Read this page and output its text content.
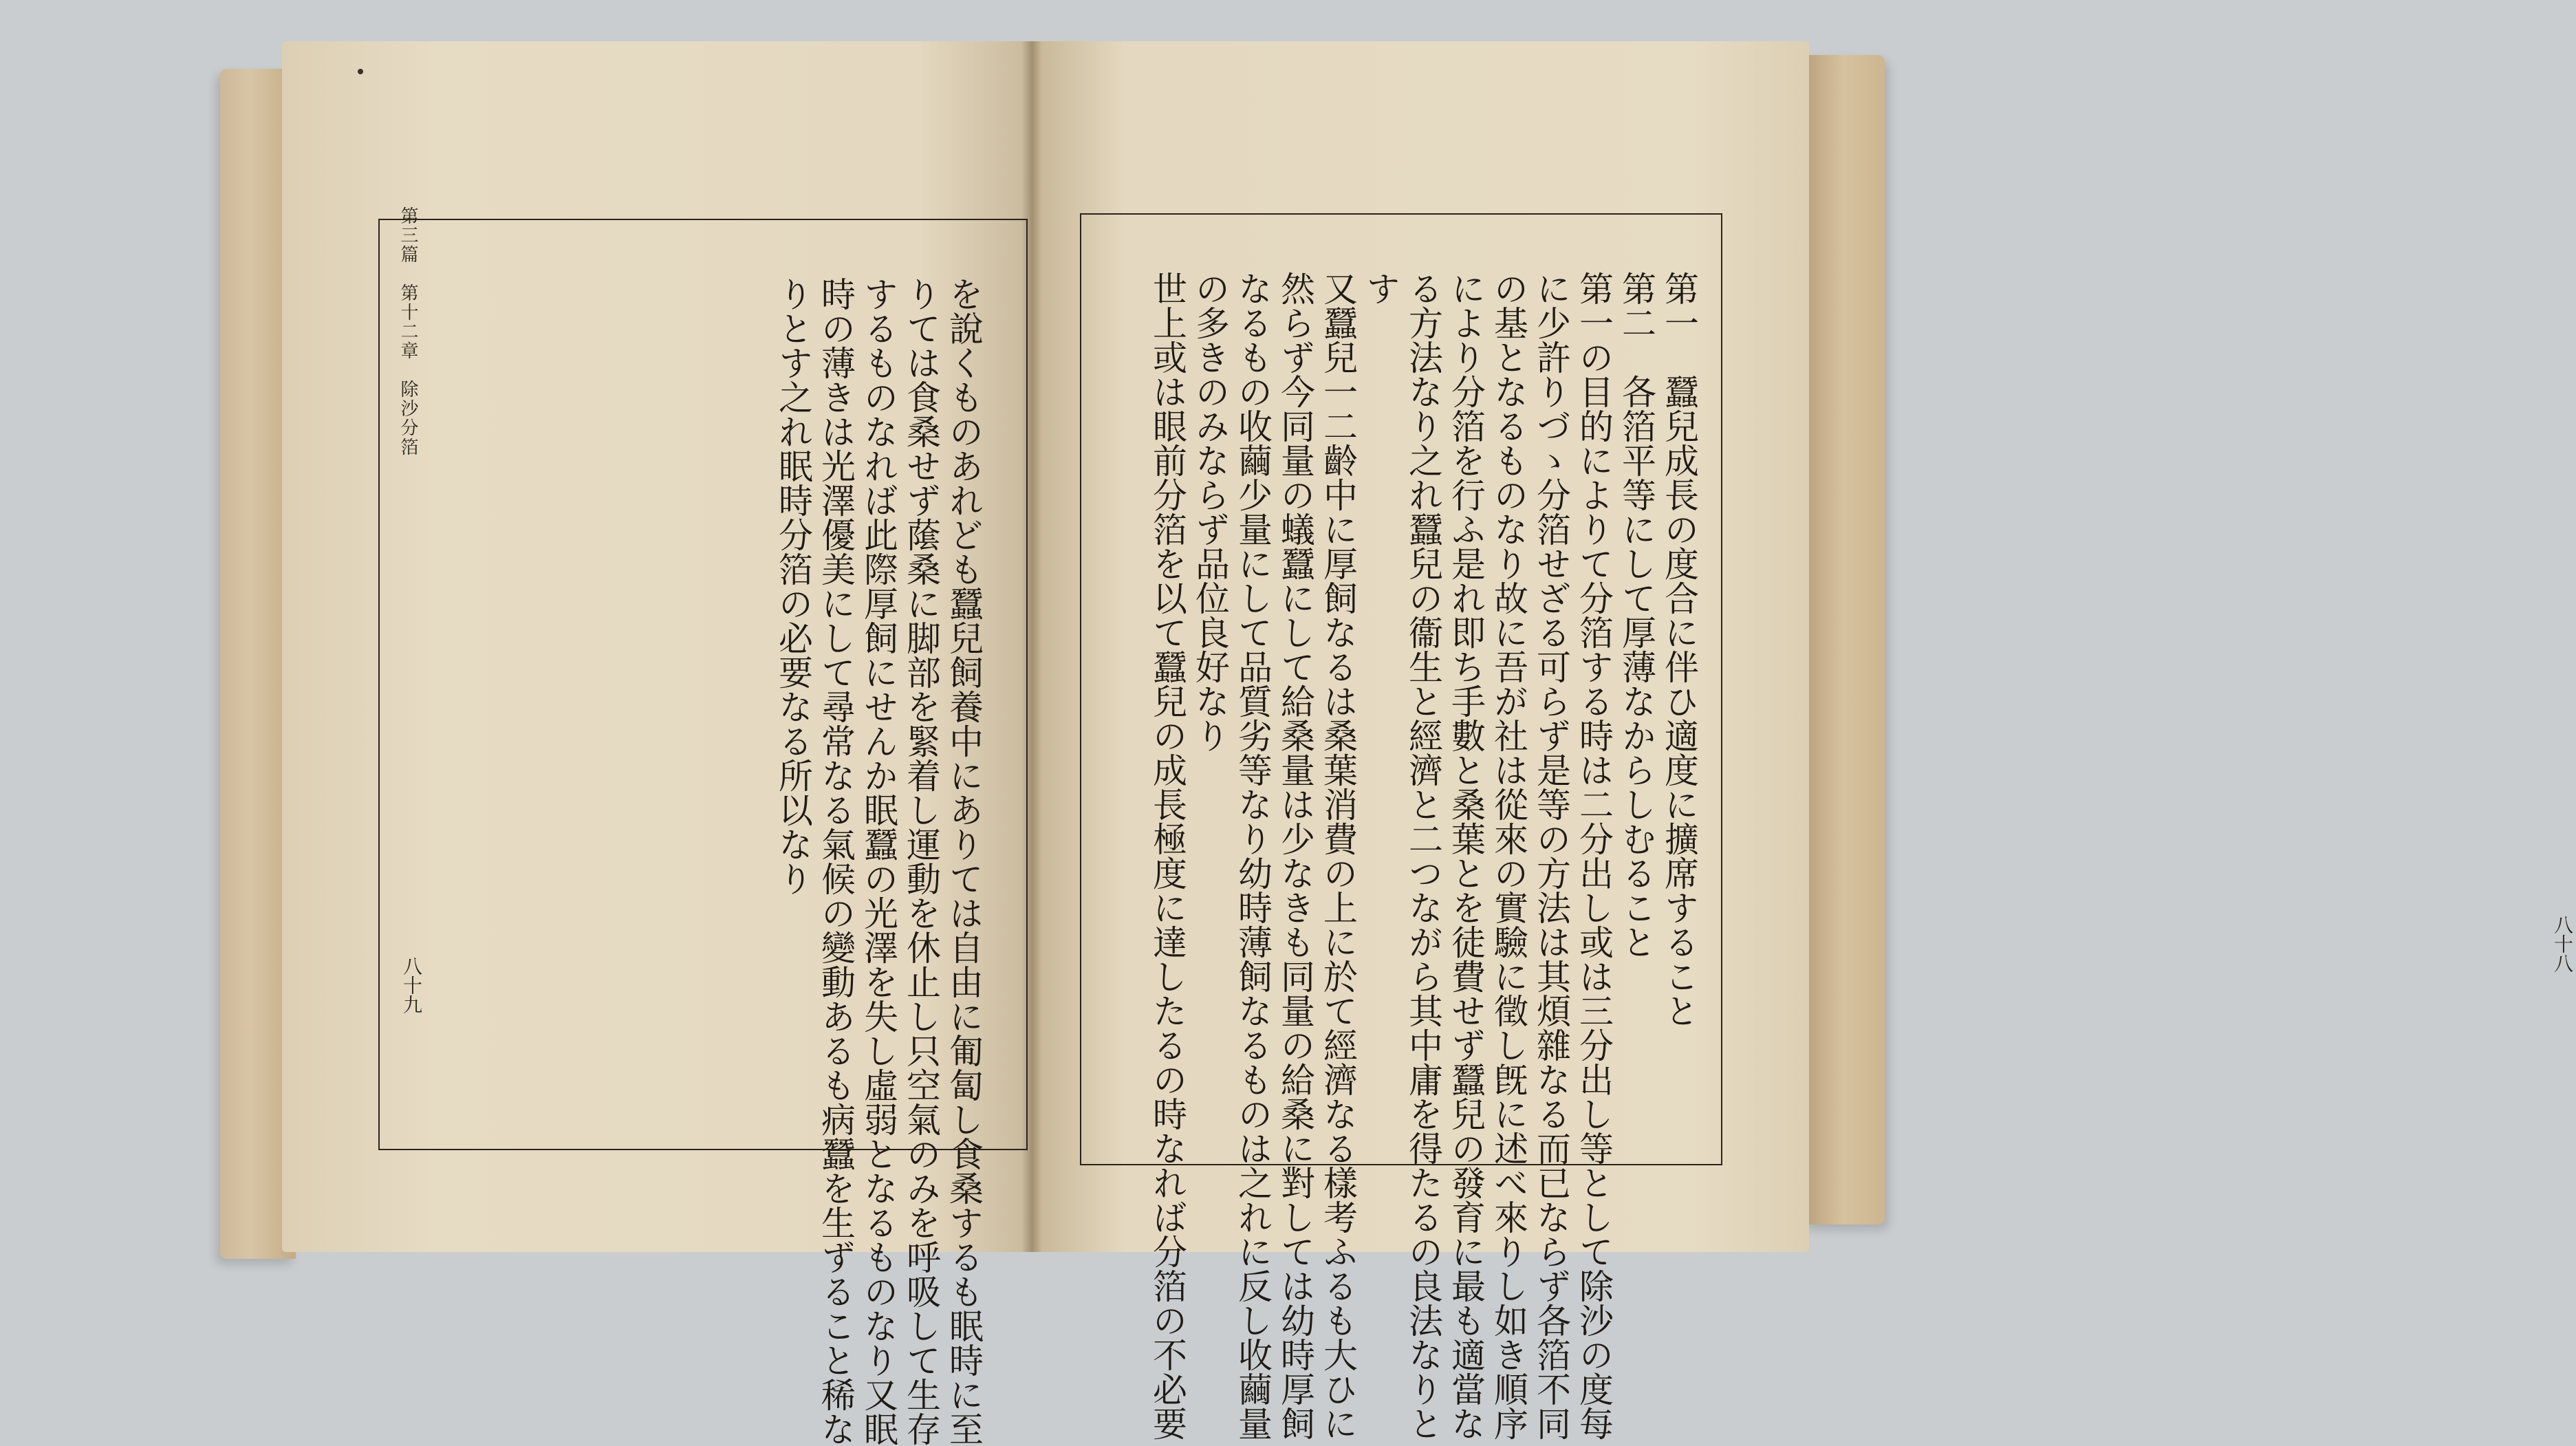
第三篇　第十二章　除沙分箔
八十九
八十八
を說くものあれども蠶兒飼養中にありては自由に匍匐し食桑するも眠時に至
りては食桑せず䕃桑に脚部を緊着し運動を休止し只空氣のみを呼吸して生存
するものなれば此際厚飼にせんか眠蠶の光澤を失し虛弱となるものなり又眠
時の薄きは光澤優美にして尋常なる氣候の變動あるも病蠶を生ずること稀な
りとす之れ眠時分箔の必要なる所以なり	第一　蠶兒成長の度合に伴ひ適度に擴席すること
第二　各箔平等にして厚薄なからしむること
第一の目的によりて分箔する時は二分出し或は三分出し等として除沙の度每
に少許りづゝ分箔せざる可らず是等の方法は其煩雜なる而已ならず各箔不同
の基となるものなり故に吾が社は從來の實驗に徵し旣に述べ來りし如き順序
により分箔を行ふ是れ即ち手數と桑葉とを徒費せず蠶兒の發育に最も適當な
る方法なり之れ蠶兒の衞生と經濟と二つながら其中庸を得たるの良法なりと
す
又蠶兒一二齡中に厚飼なるは桑葉消費の上に於て經濟なる樣考ふるも大ひに
然らず今同量の蟻蠶にして給桑量は少なきも同量の給桑に對しては幼時厚飼
なるもの收繭少量にして品質劣等なり幼時薄飼なるものは之れに反し收繭量
の多きのみならず品位良好なり
世上或は眼前分箔を以て蠶兒の成長極度に達したるの時なれば分箔の不必要
